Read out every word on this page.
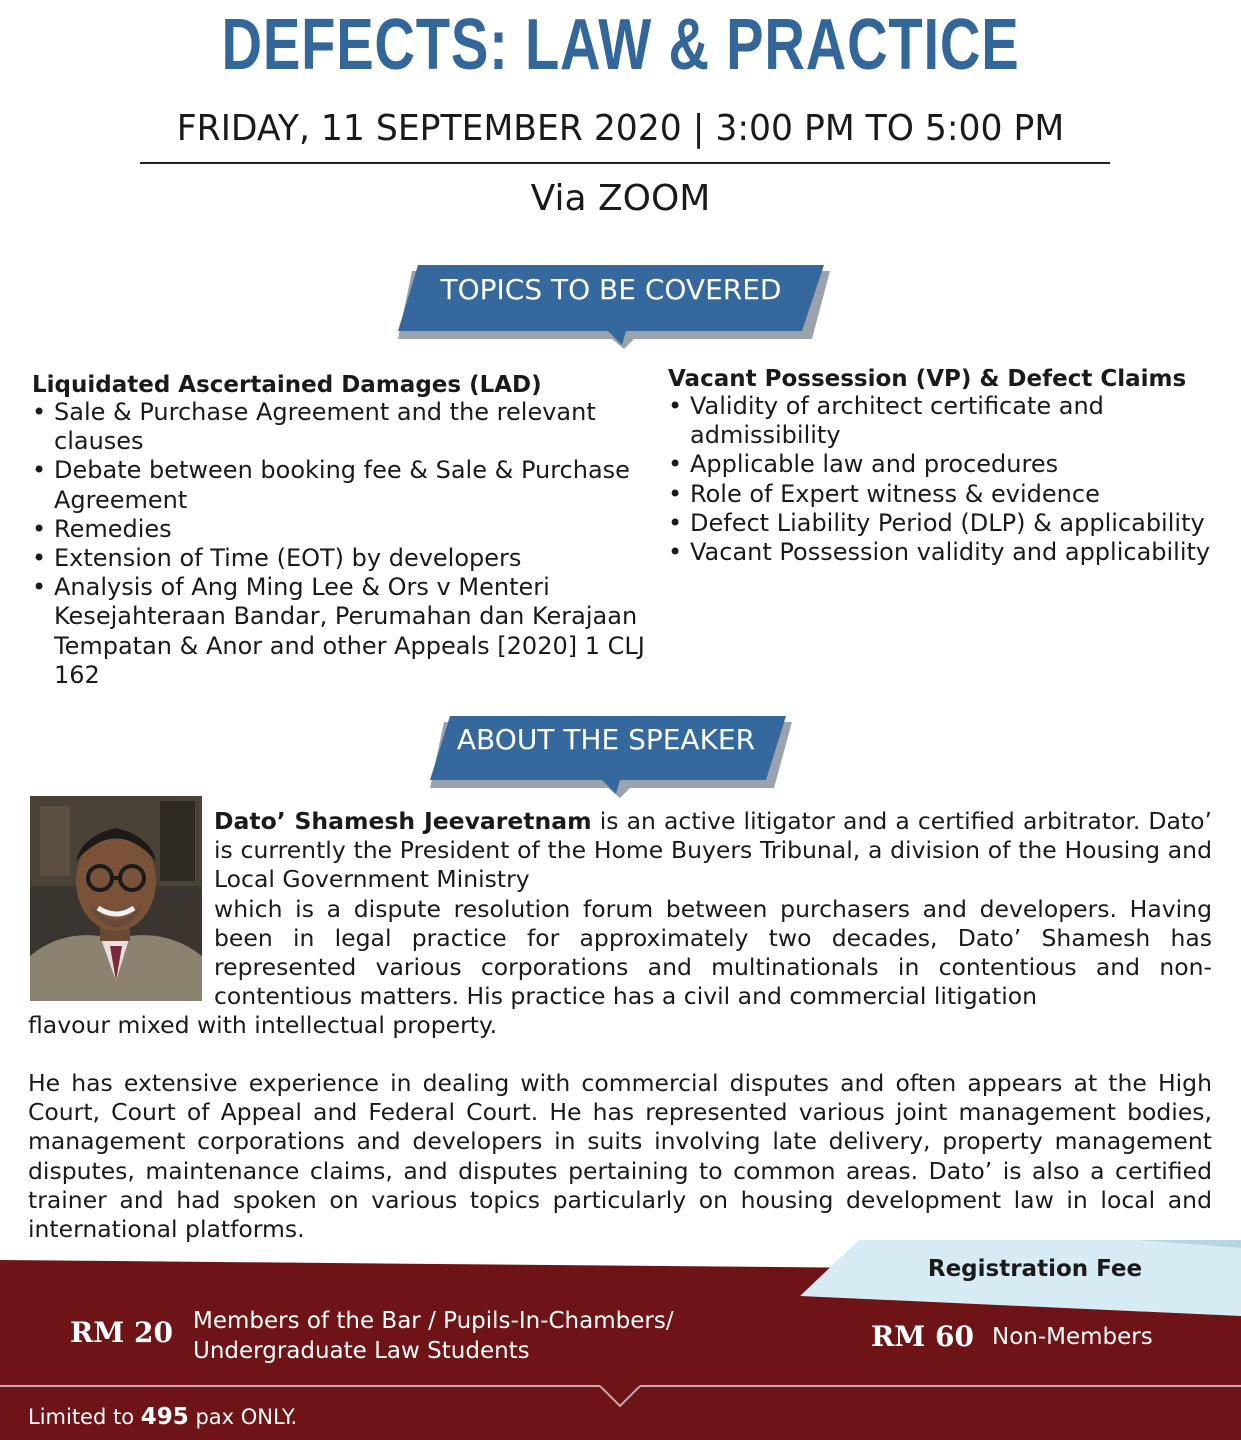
DEFECTS: LAW & PRACTICE
FRIDAY, 11 SEPTEMBER 2020 | 3:00 PM TO 5:00 PM
Via ZOOM
TOPICS TO BE COVERED
Liquidated Ascertained Damages (LAD)
• Sale & Purchase Agreement and the relevant clauses
• Debate between booking fee & Sale & Purchase Agreement
• Remedies
• Extension of Time (EOT) by developers
• Analysis of Ang Ming Lee & Ors v Menteri Kesejahteraan Bandar, Perumahan dan Kerajaan Tempatan & Anor and other Appeals [2020] 1 CLJ 162
Vacant Possession (VP) & Defect Claims
• Validity of architect certificate and admissibility
• Applicable law and procedures
• Role of Expert witness & evidence
• Defect Liability Period (DLP) & applicability
• Vacant Possession validity and applicability
ABOUT THE SPEAKER
Dato’ Shamesh Jeevaretnam is an active litigator and a certified arbitrator. Dato’ is currently the President of the Home Buyers Tribunal, a division of the Housing and Local Government Ministry
which is a dispute resolution forum between purchasers and developers. Having been in legal practice for approximately two decades, Dato’ Shamesh has represented various corporations and multinationals in contentious and non-contentious matters. His practice has a civil and commercial litigation
flavour mixed with intellectual property.
He has extensive experience in dealing with commercial disputes and often appears at the High Court, Court of Appeal and Federal Court. He has represented various joint management bodies, management corporations and developers in suits involving late delivery, property management disputes, maintenance claims, and disputes pertaining to common areas. Dato’ is also a certified trainer and had spoken on various topics particularly on housing development law in local and international platforms.
Registration Fee
RM 20 Members of the Bar / Pupils-In-Chambers/
Undergraduate Law Students	RM 60 Non-Members
Limited to 495 pax ONLY.
